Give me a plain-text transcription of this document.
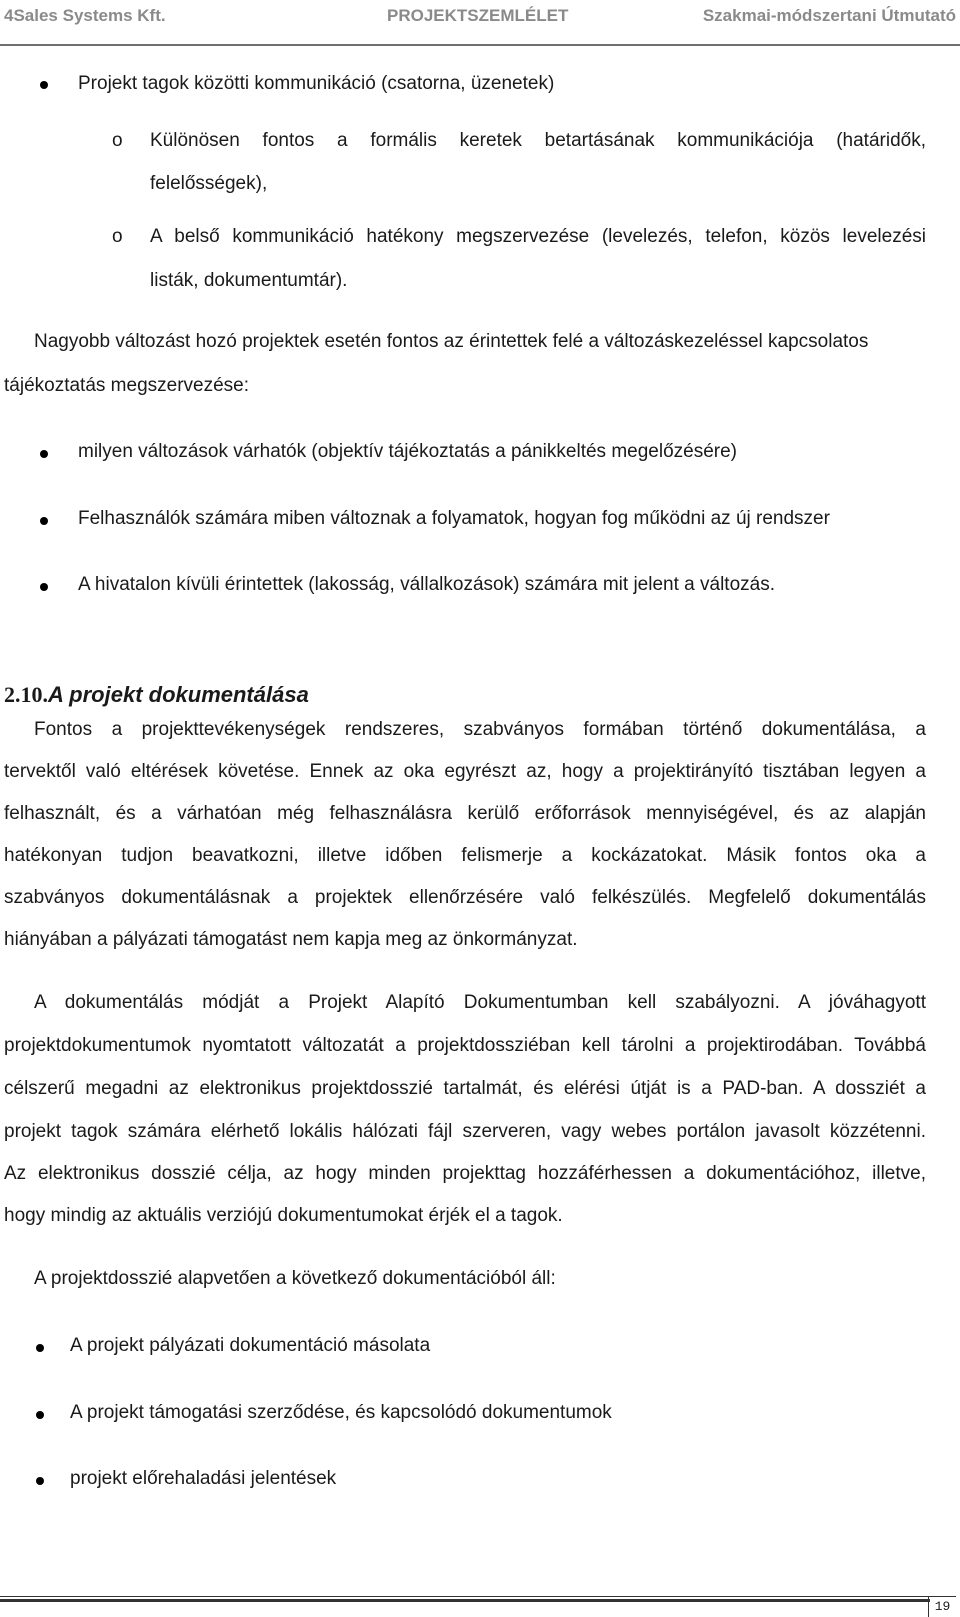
4Sales Systems Kft.	PROJEKTSZEMLÉLET	Szakmai-módszertani Útmutató
Projekt tagok közötti kommunikáció (csatorna, üzenetek)
o Különösen fontos a formális keretek betartásának kommunikációja (határidők,
felelősségek),
o A belső kommunikáció hatékony megszervezése (levelezés, telefon, közös levelezési
listák, dokumentumtár).
Nagyobb változást hozó projektek esetén fontos az érintettek felé a változáskezeléssel kapcsolatos
tájékoztatás megszervezése:
milyen változások várhatók (objektív tájékoztatás a pánikkeltés megelőzésére)
Felhasználók számára miben változnak a folyamatok, hogyan fog működni az új rendszer
A hivatalon kívüli érintettek (lakosság, vállalkozások) számára mit jelent a változás.
2.10.A projekt dokumentálása
Fontos a projekttevékenységek rendszeres, szabványos formában történő dokumentálása, a
tervektől való eltérések követése. Ennek az oka egyrészt az, hogy a projektirányító tisztában legyen a
felhasznált, és a várhatóan még felhasználásra kerülő erőforrások mennyiségével, és az alapján
hatékonyan tudjon beavatkozni, illetve időben felismerje a kockázatokat. Másik fontos oka a
szabványos dokumentálásnak a projektek ellenőrzésére való felkészülés. Megfelelő dokumentálás
hiányában a pályázati támogatást nem kapja meg az önkormányzat.
A dokumentálás módját a Projekt Alapító Dokumentumban kell szabályozni. A jóváhagyott
projektdokumentumok nyomtatott változatát a projektdossziéban kell tárolni a projektirodában. Továbbá
célszerű megadni az elektronikus projektdosszié tartalmát, és elérési útját is a PAD-ban. A dossziét a
projekt tagok számára elérhető lokális hálózati fájl szerveren, vagy webes portálon javasolt közzétenni.
Az elektronikus dosszié célja, az hogy minden projekttag hozzáférhessen a dokumentációhoz, illetve,
hogy mindig az aktuális verziójú dokumentumokat érjék el a tagok.
A projektdosszié alapvetően a következő dokumentációból áll:
A projekt pályázati dokumentáció másolata
A projekt támogatási szerződése, és kapcsolódó dokumentumok
projekt előrehaladási jelentések
19
